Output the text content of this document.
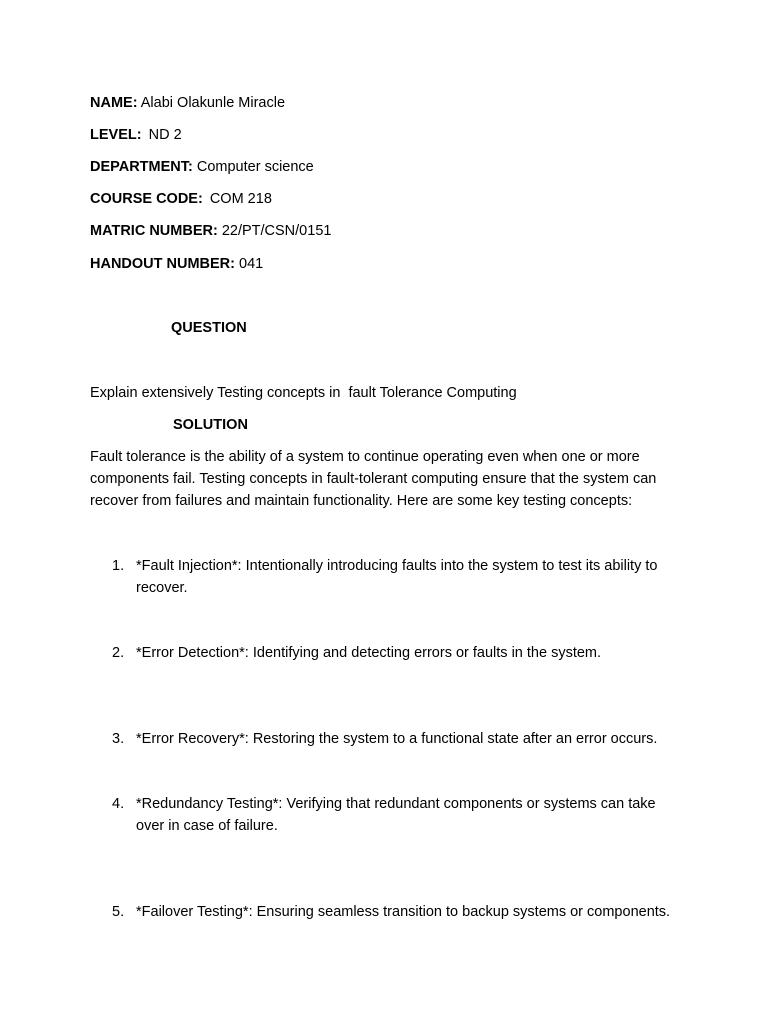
NAME: Alabi Olakunle Miracle
LEVEL: ND 2
DEPARTMENT: Computer science
COURSE CODE: COM 218
MATRIC NUMBER: 22/PT/CSN/0151
HANDOUT NUMBER: 041
QUESTION
Explain extensively Testing concepts in  fault Tolerance Computing
SOLUTION
Fault tolerance is the ability of a system to continue operating even when one or more components fail. Testing concepts in fault-tolerant computing ensure that the system can recover from failures and maintain functionality. Here are some key testing concepts:
1. *Fault Injection*: Intentionally introducing faults into the system to test its ability to recover.
2. *Error Detection*: Identifying and detecting errors or faults in the system.
3. *Error Recovery*: Restoring the system to a functional state after an error occurs.
4. *Redundancy Testing*: Verifying that redundant components or systems can take over in case of failure.
5. *Failover Testing*: Ensuring seamless transition to backup systems or components.
